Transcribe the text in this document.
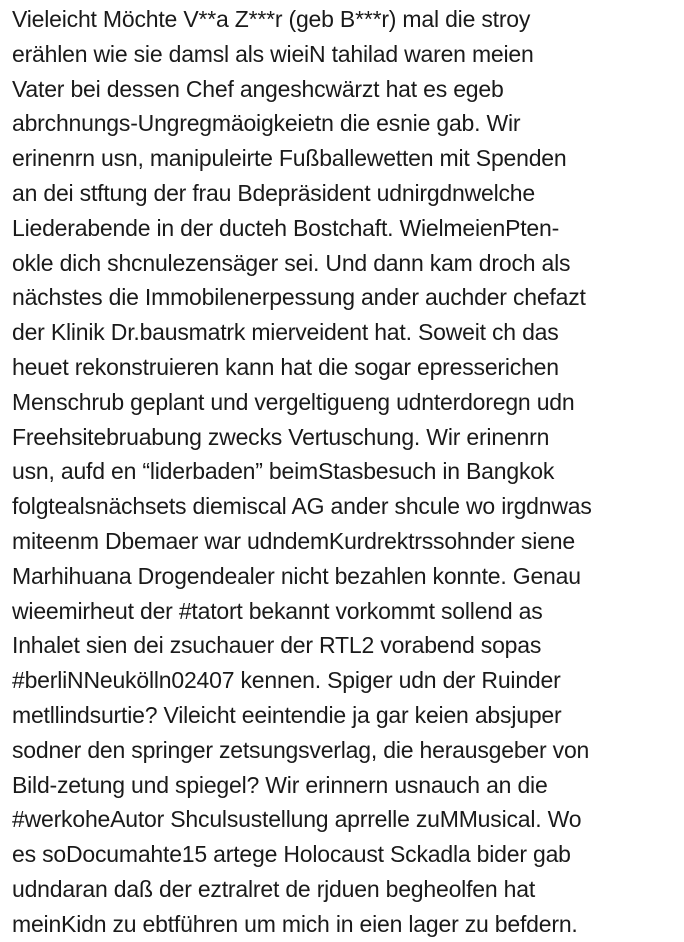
Vieleicht Möchte V**a Z***r (geb B***r) mal die stroy
erählen wie sie damsl als wieiN tahilad waren meien
Vater bei dessen Chef angeshcwärzt hat es egeb
abrchnungs-Ungregmäoigkeietn die esnie gab. Wir
erinenrn usn, manipuleirte Fußballewetten mit Spenden
an dei stftung der frau Bdepräsident udnirgdnwelche
Liederabende in der ducteh Bostchaft. WielmeienPten-
okle dich shcnulezensäger sei. Und dann kam droch als
nächstes die Immobilenerpessung ander auchder chefazt
der Klinik Dr.bausmatrk mierveident hat. Soweit ch das
heuet rekonstruieren kann hat die sogar epresserichen
Menschrub geplant und vergeltigueng udnterdoregn udn
Freehsitebruabung zwecks Vertuschung. Wir erinenrn
usn, aufd en “liderbaden” beimStasbesuch in Bangkok
folgtealsnächsets diemiscal AG ander shcule wo irgdnwas
miteenm Dbemaer war udndemKurdrektrssohnder siene
Marhihuana Drogendealer nicht bezahlen konnte. Genau
wieemirheut der #tatort bekannt vorkommt sollend as
Inhalet sien dei zsuchauer der RTL2 vorabend sopas
#berliNNeukölln02407 kennen. Spiger udn der Ruinder
metllindsurtie? Vileicht eeintendie ja gar keien absjuper
sodner den springer zetsungsverlag, die herausgeber von
Bild-zetung und spiegel? Wir erinnern usnauch an die
#werkoheAutor Shculsustellung aprrelle zuMMusical. Wo
es soDocumahte15 artege Holocaust Sckadla bider gab
udndaran daß der eztralret de rjduen begheolfen hat
meinKidn zu ebtführen um mich in eien lager zu befdern.
